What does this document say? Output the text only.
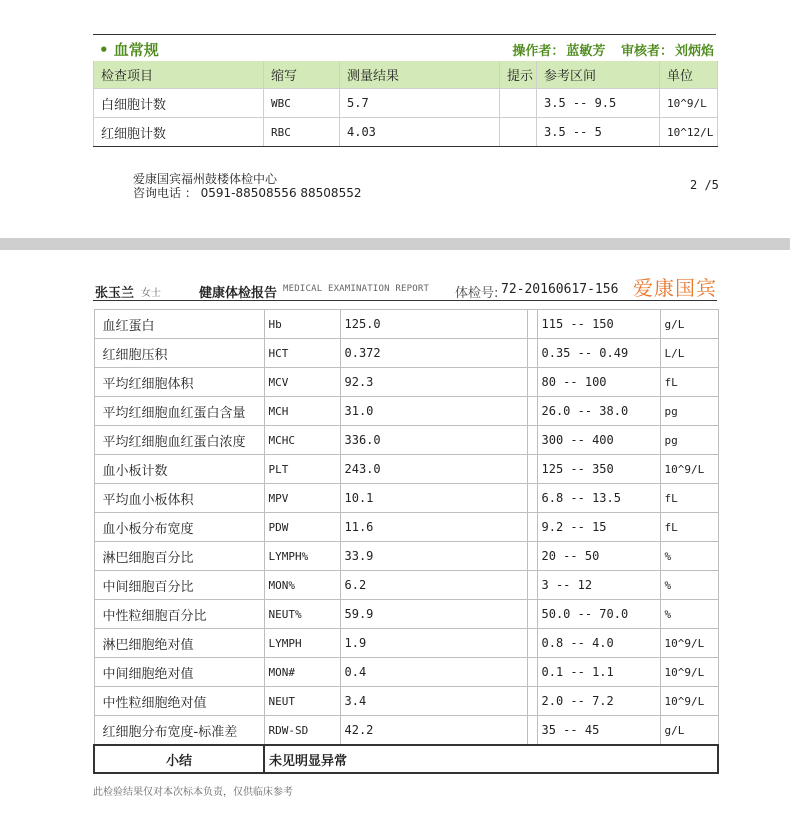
• 血常规	操作者： 蓝敏芳 审核者： 刘炳焰
检查项目	缩写	测量结果	提示	参考区间	单位
白细胞计数	WBC	5.7		3.5 -- 9.5	10^9/L
红细胞计数	RBC	4.03		3.5 -- 5	10^12/L
爱康国宾福州鼓楼体检中心
咨询电话 ： 0591-88508556 88508552
2 /5
张玉兰 女士	健康体检报告 MEDICAL EXAMINATION REPORT 体检号: 72-20160617-156 爱康国宾
血红蛋白	Hb	125.0		115 -- 150	g/L
红细胞压积	HCT	0.372		0.35 -- 0.49	L/L
平均红细胞体积	MCV	92.3		80 -- 100	fL
平均红细胞血红蛋白含量	MCH	31.0		26.0 -- 38.0	pg
平均红细胞血红蛋白浓度	MCHC	336.0		300 -- 400	pg
血小板计数	PLT	243.0		125 -- 350	10^9/L
平均血小板体积	MPV	10.1		6.8 -- 13.5	fL
血小板分布宽度	PDW	11.6		9.2 -- 15	fL
淋巴细胞百分比	LYMPH%	33.9		20 -- 50	%
中间细胞百分比	MON%	6.2		3 -- 12	%
中性粒细胞百分比	NEUT%	59.9		50.0 -- 70.0	%
淋巴细胞绝对值	LYMPH	1.9		0.8 -- 4.0	10^9/L
中间细胞绝对值	MON#	0.4		0.1 -- 1.1	10^9/L
中性粒细胞绝对值	NEUT	3.4		2.0 -- 7.2	10^9/L
红细胞分布宽度-标准差	RDW-SD	42.2		35 -- 45	g/L
小结	未见明显异常				
此检验结果仅对本次标本负责，仅供临床参考
